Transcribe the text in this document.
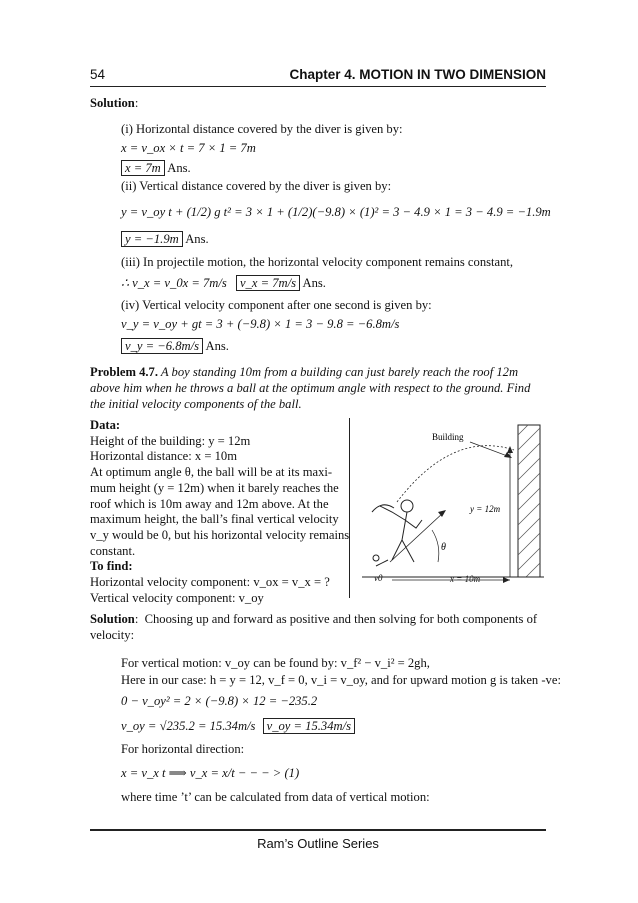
54	Chapter 4. MOTION IN TWO DIMENSION
Solution:
(i) Horizontal distance covered by the diver is given by:
x = v_ox × t = 7 × 1 = 7m
x = 7m Ans.
(ii) Vertical distance covered by the diver is given by:
y = v_oy t + (1/2) g t² = 3 × 1 + (1/2)(−9.8) × (1)² = 3 − 4.9 × 1 = 3 − 4.9 = −1.9m
y = −1.9m Ans.
(iii) In projectile motion, the horizontal velocity component remains constant,
∴ v_x = v_0x = 7m/s v_x = 7m/s Ans.
(iv) Vertical velocity component after one second is given by:
v_y = v_oy + gt = 3 + (−9.8) × 1 = 3 − 9.8 = −6.8m/s
v_y = −6.8m/s Ans.
Problem 4.7. A boy standing 10m from a building can just barely reach the roof 12m above him when he throws a ball at the optimum angle with respect to the ground. Find the initial velocity components of the ball.
Data:
Height of the building: y = 12m
Horizontal distance: x = 10m
At optimum angle θ, the ball will be at its maxi-
mum height (y = 12m) when it barely reaches the
roof which is 10m away and 12m above. At the
maximum height, the ball’s final vertical velocity
v_y would be 0, but his horizontal velocity remains
constant.
To find:
Horizontal velocity component: v_ox = v_x = ?
Vertical velocity component: v_oy
Building
y = 12m
θ
v0	x = 10m
Solution:  Choosing up and forward as positive and then solving for both components of velocity:
For vertical motion: v_oy can be found by: v_f² − v_i² = 2gh,
Here in our case: h = y = 12, v_f = 0, v_i = v_oy, and for upward motion g is taken -ve:
0 − v_oy² = 2 × (−9.8) × 12 = −235.2
v_oy = √235.2 = 15.34m/s v_oy = 15.34m/s
For horizontal direction:
x = v_x t ⟹ v_x = x/t − − − > (1)
where time ’t’ can be calculated from data of vertical motion:
Ram’s Outline Series
